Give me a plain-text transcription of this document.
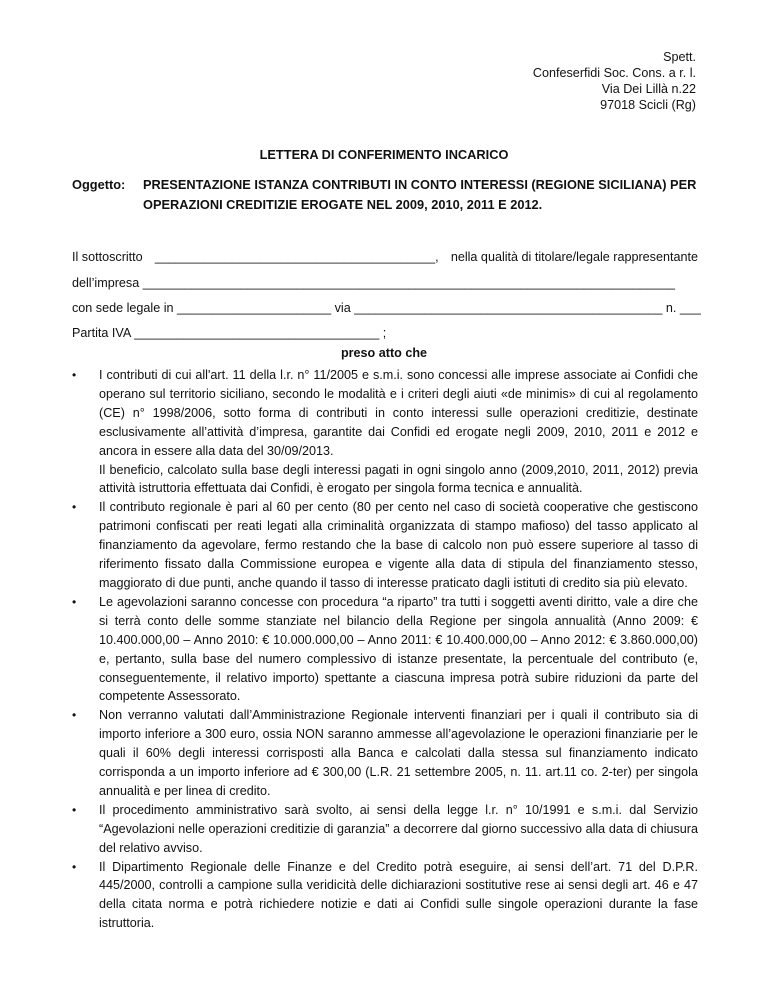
Spett.
Confeserfidi Soc. Cons. a r. l.
Via Dei Lillà n.22
97018 Scicli (Rg)
LETTERA DI CONFERIMENTO INCARICO
Oggetto: PRESENTAZIONE ISTANZA CONTRIBUTI IN CONTO INTERESSI (REGIONE SICILIANA) PER
OPERAZIONI CREDITIZIE EROGATE NEL 2009, 2010, 2011 E 2012.
Il sottoscritto ________________________________________, nella qualità di titolare/legale rappresentante
dell’impresa ____________________________________________________________________________
con sede legale in ______________________ via ____________________________________________ n. ___
Partita IVA ___________________________________ ;
preso atto che
• I contributi di cui all'art. 11 della l.r. n° 11/2005 e s.m.i. sono concessi alle imprese associate ai Confidi che operano sul territorio siciliano, secondo le modalità e i criteri degli aiuti «de minimis» di cui al regolamento (CE) n° 1998/2006, sotto forma di contributi in conto interessi sulle operazioni creditizie, destinate esclusivamente all’attività d’impresa, garantite dai Confidi ed erogate negli 2009, 2010, 2011 e 2012 e ancora in essere alla data del 30/09/2013.

Il beneficio, calcolato sulla base degli interessi pagati in ogni singolo anno (2009,2010, 2011, 2012) previa attività istruttoria effettuata dai Confidi, è erogato per singola forma tecnica e annualità.

• Il contributo regionale è pari al 60 per cento (80 per cento nel caso di società cooperative che gestiscono patrimoni confiscati per reati legati alla criminalità organizzata di stampo mafioso) del tasso applicato al finanziamento da agevolare, fermo restando che la base di calcolo non può essere superiore al tasso di riferimento fissato dalla Commissione europea e vigente alla data di stipula del finanziamento stesso, maggiorato di due punti, anche quando il tasso di interesse praticato dagli istituti di credito sia più elevato.

• Le agevolazioni saranno concesse con procedura “a riparto” tra tutti i soggetti aventi diritto, vale a dire che si terrà conto delle somme stanziate nel bilancio della Regione per singola annualità (Anno 2009: € 10.400.000,00 – Anno 2010: € 10.000.000,00 – Anno 2011: € 10.400.000,00 – Anno 2012: € 3.860.000,00) e, pertanto, sulla base del numero complessivo di istanze presentate, la percentuale del contributo (e, conseguentemente, il relativo importo) spettante a ciascuna impresa potrà subire riduzioni da parte del competente Assessorato.

• Non verranno valutati dall’Amministrazione Regionale interventi finanziari per i quali il contributo sia di importo inferiore a 300 euro, ossia NON saranno ammesse all’agevolazione le operazioni finanziarie per le quali il 60% degli interessi corrisposti alla Banca e calcolati dalla stessa sul finanziamento indicato corrisponda a un importo inferiore ad € 300,00 (L.R. 21 settembre 2005, n. 11. art.11 co. 2-ter) per singola annualità e per linea di credito.

• Il procedimento amministrativo sarà svolto, ai sensi della legge l.r. n° 10/1991 e s.m.i. dal Servizio “Agevolazioni nelle operazioni creditizie di garanzia” a decorrere dal giorno successivo alla data di chiusura del relativo avviso.

• Il Dipartimento Regionale delle Finanze e del Credito potrà eseguire, ai sensi dell’art. 71 del D.P.R. 445/2000, controlli a campione sulla veridicità delle dichiarazioni sostitutive rese ai sensi degli art. 46 e 47 della citata norma e potrà richiedere notizie e dati ai Confidi sulle singole operazioni durante la fase istruttoria.
